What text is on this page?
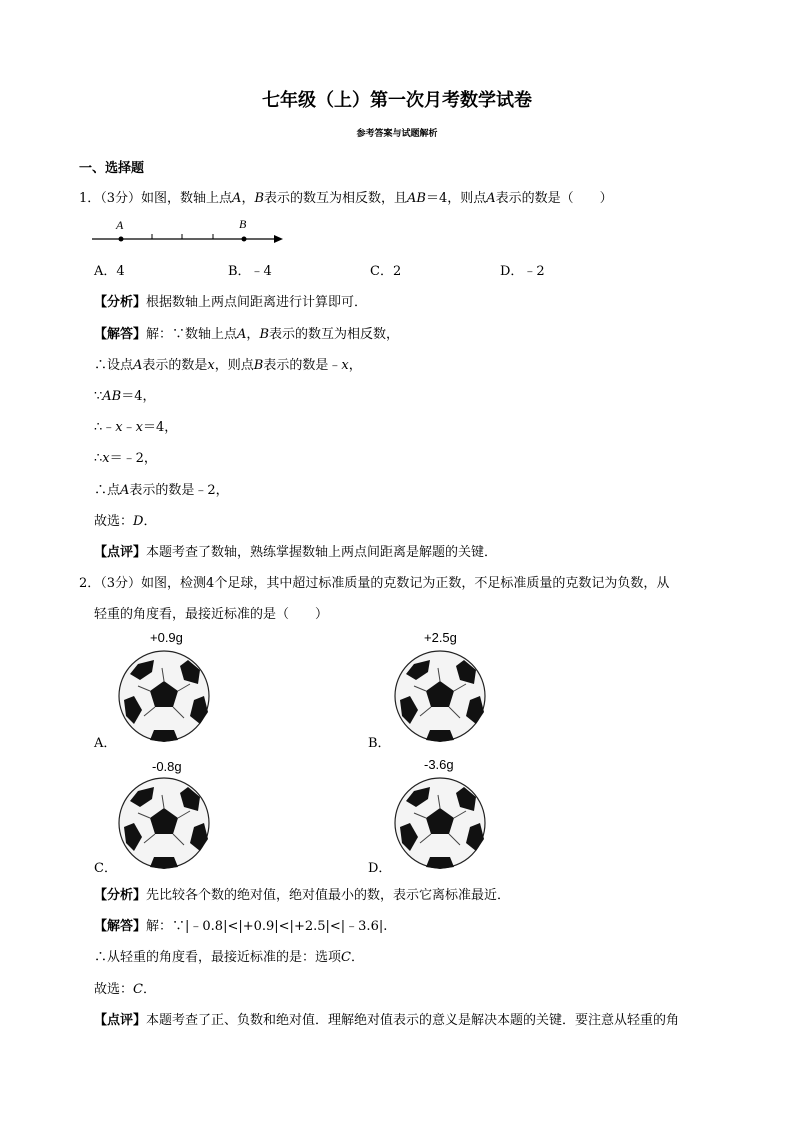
七年级（上）第一次月考数学试卷
参考答案与试题解析
一、选择题
1．（3分）如图，数轴上点A，B表示的数互为相反数，且AB＝4，则点A表示的数是（　　）
A	B
A．4	B．﹣4	C．2	D．﹣2
【分析】根据数轴上两点间距离进行计算即可．
【解答】解：∵数轴上点A，B表示的数互为相反数，
∴设点A表示的数是x，则点B表示的数是﹣x，
∵AB＝4，
∴﹣x﹣x＝4，
∴x＝﹣2，
∴点A表示的数是﹣2，
故选：D．
【点评】本题考查了数轴，熟练掌握数轴上两点间距离是解题的关键．
2．（3分）如图，检测4个足球，其中超过标准质量的克数记为正数，不足标准质量的克数记为负数，从
轻重的角度看，最接近标准的是（　　）
+0.9g
A．
+2.5g
B．
-0.8g
C．
-3.6g
D．
【分析】先比较各个数的绝对值，绝对值最小的数，表示它离标准最近．
【解答】解：∵|﹣0.8|<|+0.9|<|+2.5|<|﹣3.6|.
∴从轻重的角度看，最接近标准的是：选项C．
故选：C．
【点评】本题考查了正、负数和绝对值．理解绝对值表示的意义是解决本题的关键．要注意从轻重的角
